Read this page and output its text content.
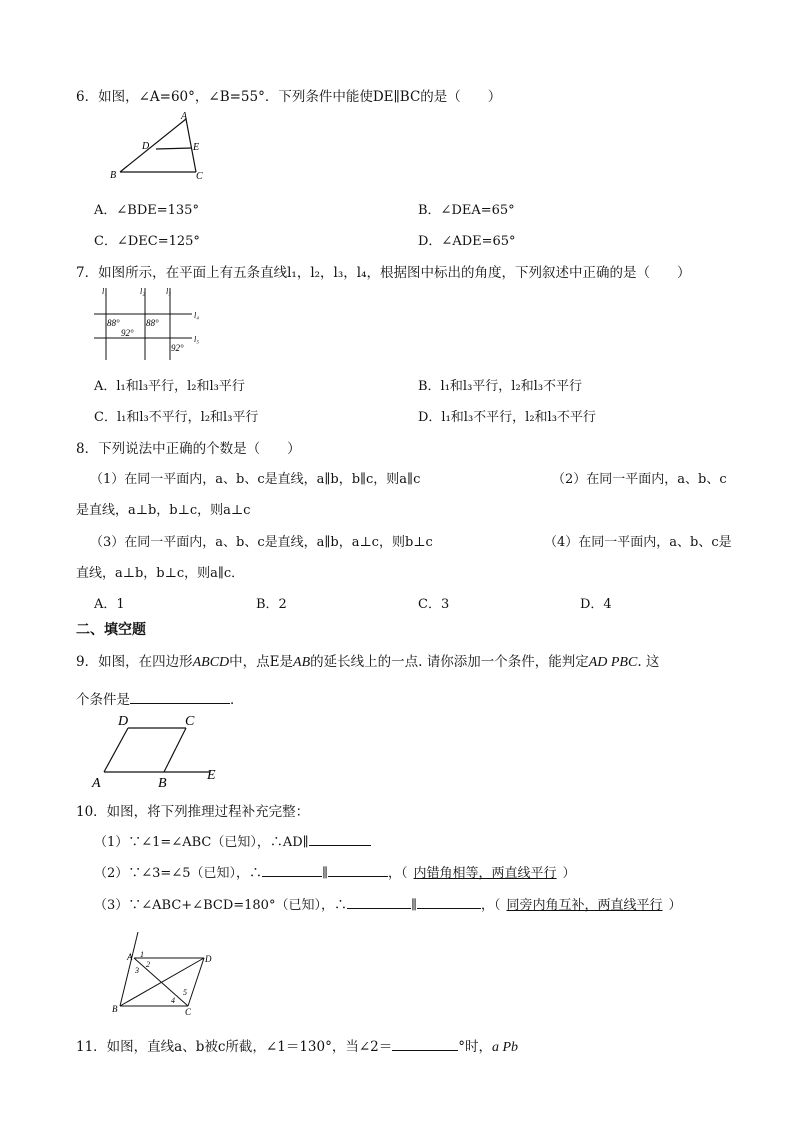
6．如图，∠A=60°，∠B=55°．下列条件中能使DE∥BC的是（　　）
A
D	E
B	C
A．∠BDE=135°	B．∠DEA=65°
C．∠DEC=125°	D．∠ADE=65°
7．如图所示，在平面上有五条直线l₁，l₂，l₃，l₄，根据图中标出的角度，下列叙述中正确的是（　　）
l₁	l₂	l₃
l₄
l₅
88°	88°
92°
92°
A．l₁和l₃平行，l₂和l₃平行	B．l₁和l₃平行，l₂和l₃不平行
C．l₁和l₃不平行，l₂和l₃平行	D．l₁和l₃不平行，l₂和l₃不平行
8．下列说法中正确的个数是（　　）
（1）在同一平面内，a、b、c是直线，a∥b，b∥c，则a∥c	（2）在同一平面内，a、b、c
是直线，a⊥b，b⊥c，则a⊥c
（3）在同一平面内，a、b、c是直线，a∥b，a⊥c，则b⊥c	（4）在同一平面内，a、b、c是
直线，a⊥b，b⊥c，则a∥c．
A．1	B．2	C．3	D．4
二、填空题
9．如图，在四边形ABCD中，点E是AB的延长线上的一点. 请你添加一个条件，能判定AD PBC. 这
个条件是	．
D	C
A	B
E
10．如图，将下列推理过程补充完整：
（1）∵∠1=∠ABC（已知），∴AD∥
（2）∵∠3=∠5（已知），∴	∥	，（ 内错角相等，两直线平行 ）
（3）∵∠ABC+∠BCD=180°（已知），∴	∥	，（ 同旁内角互补，两直线平行 ）
A	D
B	C
1
2
3
4
5
11．如图，直线a、b被c所截，∠1＝130°，当∠2＝	°时，a Pb
